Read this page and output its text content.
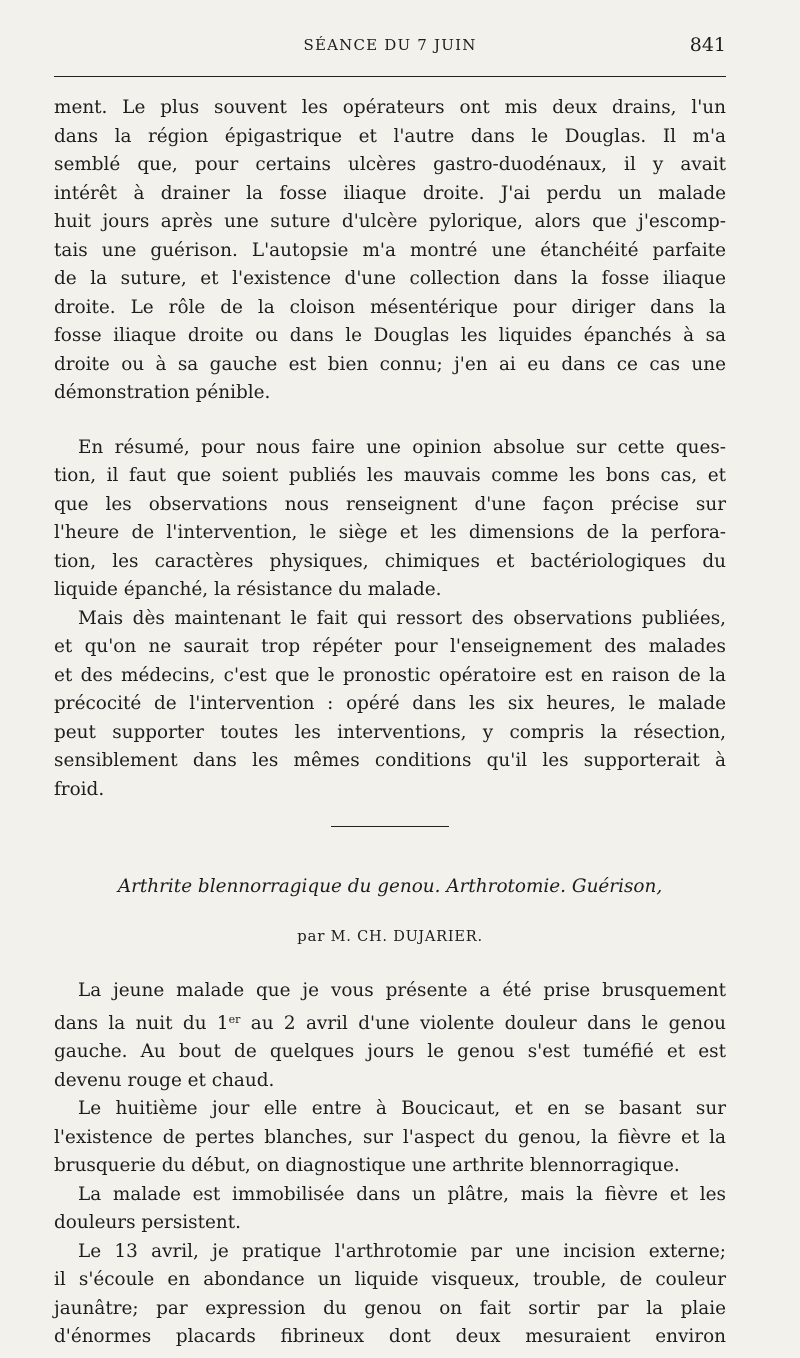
SÉANCE DU 7 JUIN	841

ment. Le plus souvent les opérateurs ont mis deux drains, l'un
dans la région épigastrique et l'autre dans le Douglas. Il m'a
semblé que, pour certains ulcères gastro-duodénaux, il y avait
intérêt à drainer la fosse iliaque droite. J'ai perdu un malade
huit jours après une suture d'ulcère pylorique, alors que j'escomp-
tais une guérison. L'autopsie m'a montré une étanchéité parfaite
de la suture, et l'existence d'une collection dans la fosse iliaque
droite. Le rôle de la cloison mésentérique pour diriger dans la
fosse iliaque droite ou dans le Douglas les liquides épanchés à sa
droite ou à sa gauche est bien connu; j'en ai eu dans ce cas une
démonstration pénible.

En résumé, pour nous faire une opinion absolue sur cette ques-
tion, il faut que soient publiés les mauvais comme les bons cas, et
que les observations nous renseignent d'une façon précise sur
l'heure de l'intervention, le siège et les dimensions de la perfora-
tion, les caractères physiques, chimiques et bactériologiques du
liquide épanché, la résistance du malade.

Mais dès maintenant le fait qui ressort des observations publiées,
et qu'on ne saurait trop répéter pour l'enseignement des malades
et des médecins, c'est que le pronostic opératoire est en raison de la
précocité de l'intervention : opéré dans les six heures, le malade
peut supporter toutes les interventions, y compris la résection,
sensiblement dans les mêmes conditions qu'il les supporterait à
froid.

Arthrite blennorragique du genou. Arthrotomie. Guérison,

par M. CH. DUJARIER.

La jeune malade que je vous présente a été prise brusquement
dans la nuit du 1er au 2 avril d'une violente douleur dans le genou
gauche. Au bout de quelques jours le genou s'est tuméfié et est
devenu rouge et chaud.

Le huitième jour elle entre à Boucicaut, et en se basant sur
l'existence de pertes blanches, sur l'aspect du genou, la fièvre et la
brusquerie du début, on diagnostique une arthrite blennorragique.

La malade est immobilisée dans un plâtre, mais la fièvre et les
douleurs persistent.

Le 13 avril, je pratique l'arthrotomie par une incision externe;
il s'écoule en abondance un liquide visqueux, trouble, de couleur
jaunâtre; par expression du genou on fait sortir par la plaie
d'énormes placards fibrineux dont deux mesuraient environ
